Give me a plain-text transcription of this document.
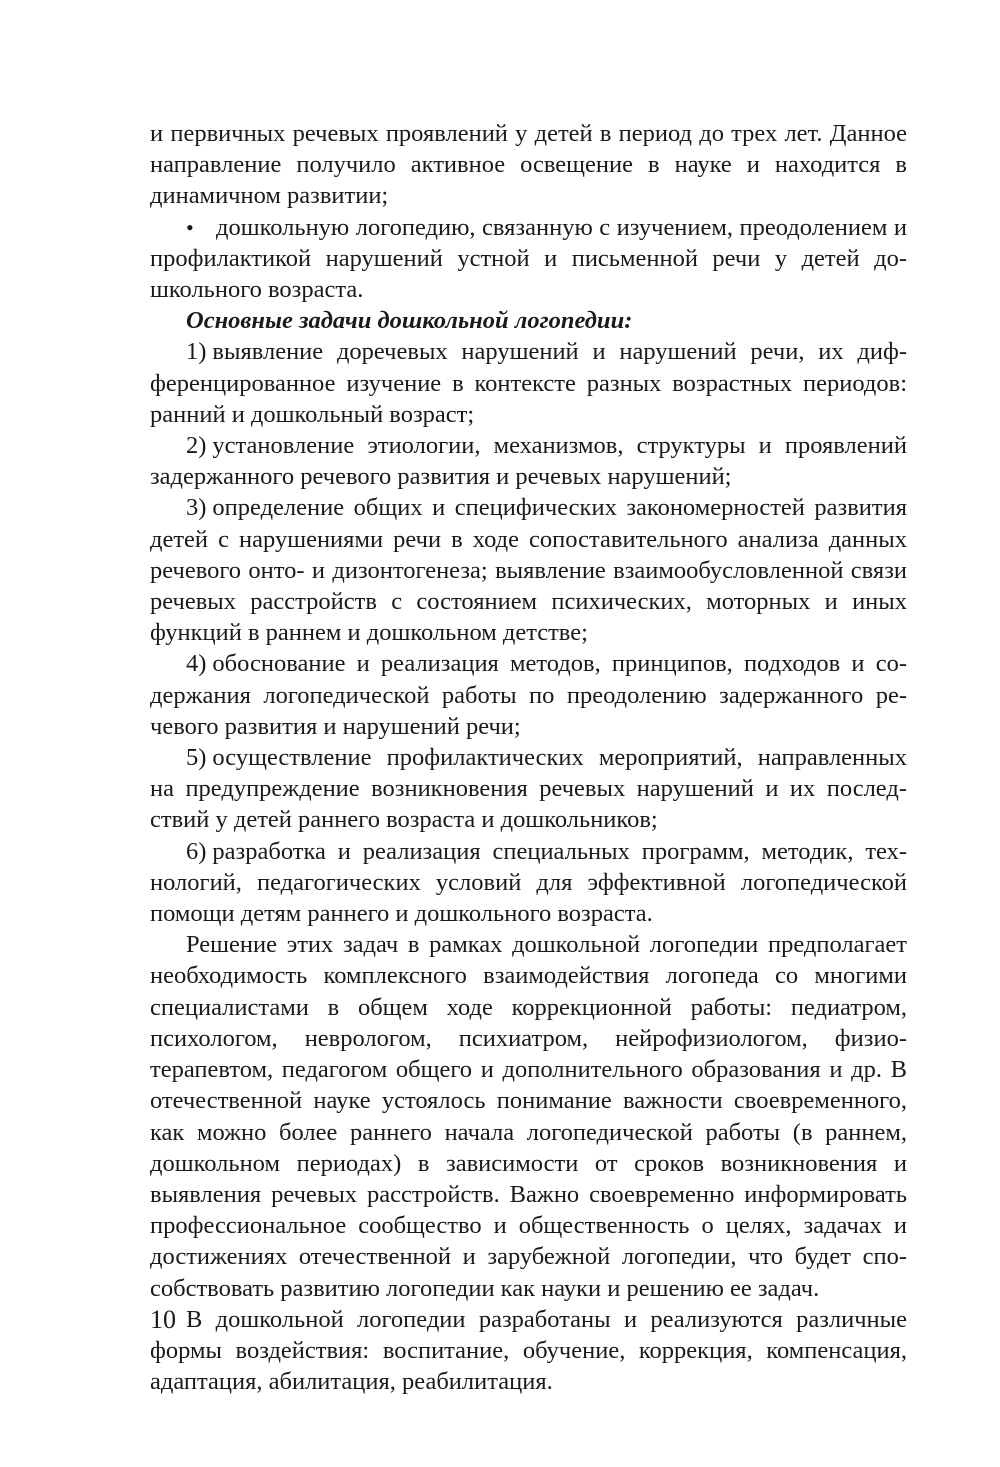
и первичных речевых проявлений у детей в период до трех лет. Данное направление получило активное освещение в науке и находится в динамичном развитии;

• дошкольную логопедию, связанную с изучением, преодолением и профилактикой нарушений устной и письменной речи у детей дошкольного возраста.

Основные задачи дошкольной логопедии:

1) выявление доречевых нарушений и нарушений речи, их дифференцированное изучение в контексте разных возрастных периодов: ранний и дошкольный возраст;

2) установление этиологии, механизмов, структуры и проявлений задержанного речевого развития и речевых нарушений;

3) определение общих и специфических закономерностей развития детей с нарушениями речи в ходе сопоставительного анализа данных речевого онто- и дизонтогенеза; выявление взаимообусловленной связи речевых расстройств с состоянием психических, моторных и иных функций в раннем и дошкольном детстве;

4) обоснование и реализация методов, принципов, подходов и содержания логопедической работы по преодолению задержанного речевого развития и нарушений речи;

5) осуществление профилактических мероприятий, направленных на предупреждение возникновения речевых нарушений и их последствий у детей раннего возраста и дошкольников;

6) разработка и реализация специальных программ, методик, технологий, педагогических условий для эффективной логопедической помощи детям раннего и дошкольного возраста.

Решение этих задач в рамках дошкольной логопедии предполагает необходимость комплексного взаимодействия логопеда со многими специалистами в общем ходе коррекционной работы: педиатром, психологом, неврологом, психиатром, нейрофизиологом, физиотерапевтом, педагогом общего и дополнительного образования и др. В отечественной науке устоялось понимание важности своевременного, как можно более раннего начала логопедической работы (в раннем, дошкольном периодах) в зависимости от сроков возникновения и выявления речевых расстройств. Важно своевременно информировать профессиональное сообщество и общественность о целях, задачах и достижениях отечественной и зарубежной логопедии, что будет способствовать развитию логопедии как науки и решению ее задач.

В дошкольной логопедии разработаны и реализуются различные формы воздействия: воспитание, обучение, коррекция, компенсация, адаптация, абилитация, реабилитация.

10
